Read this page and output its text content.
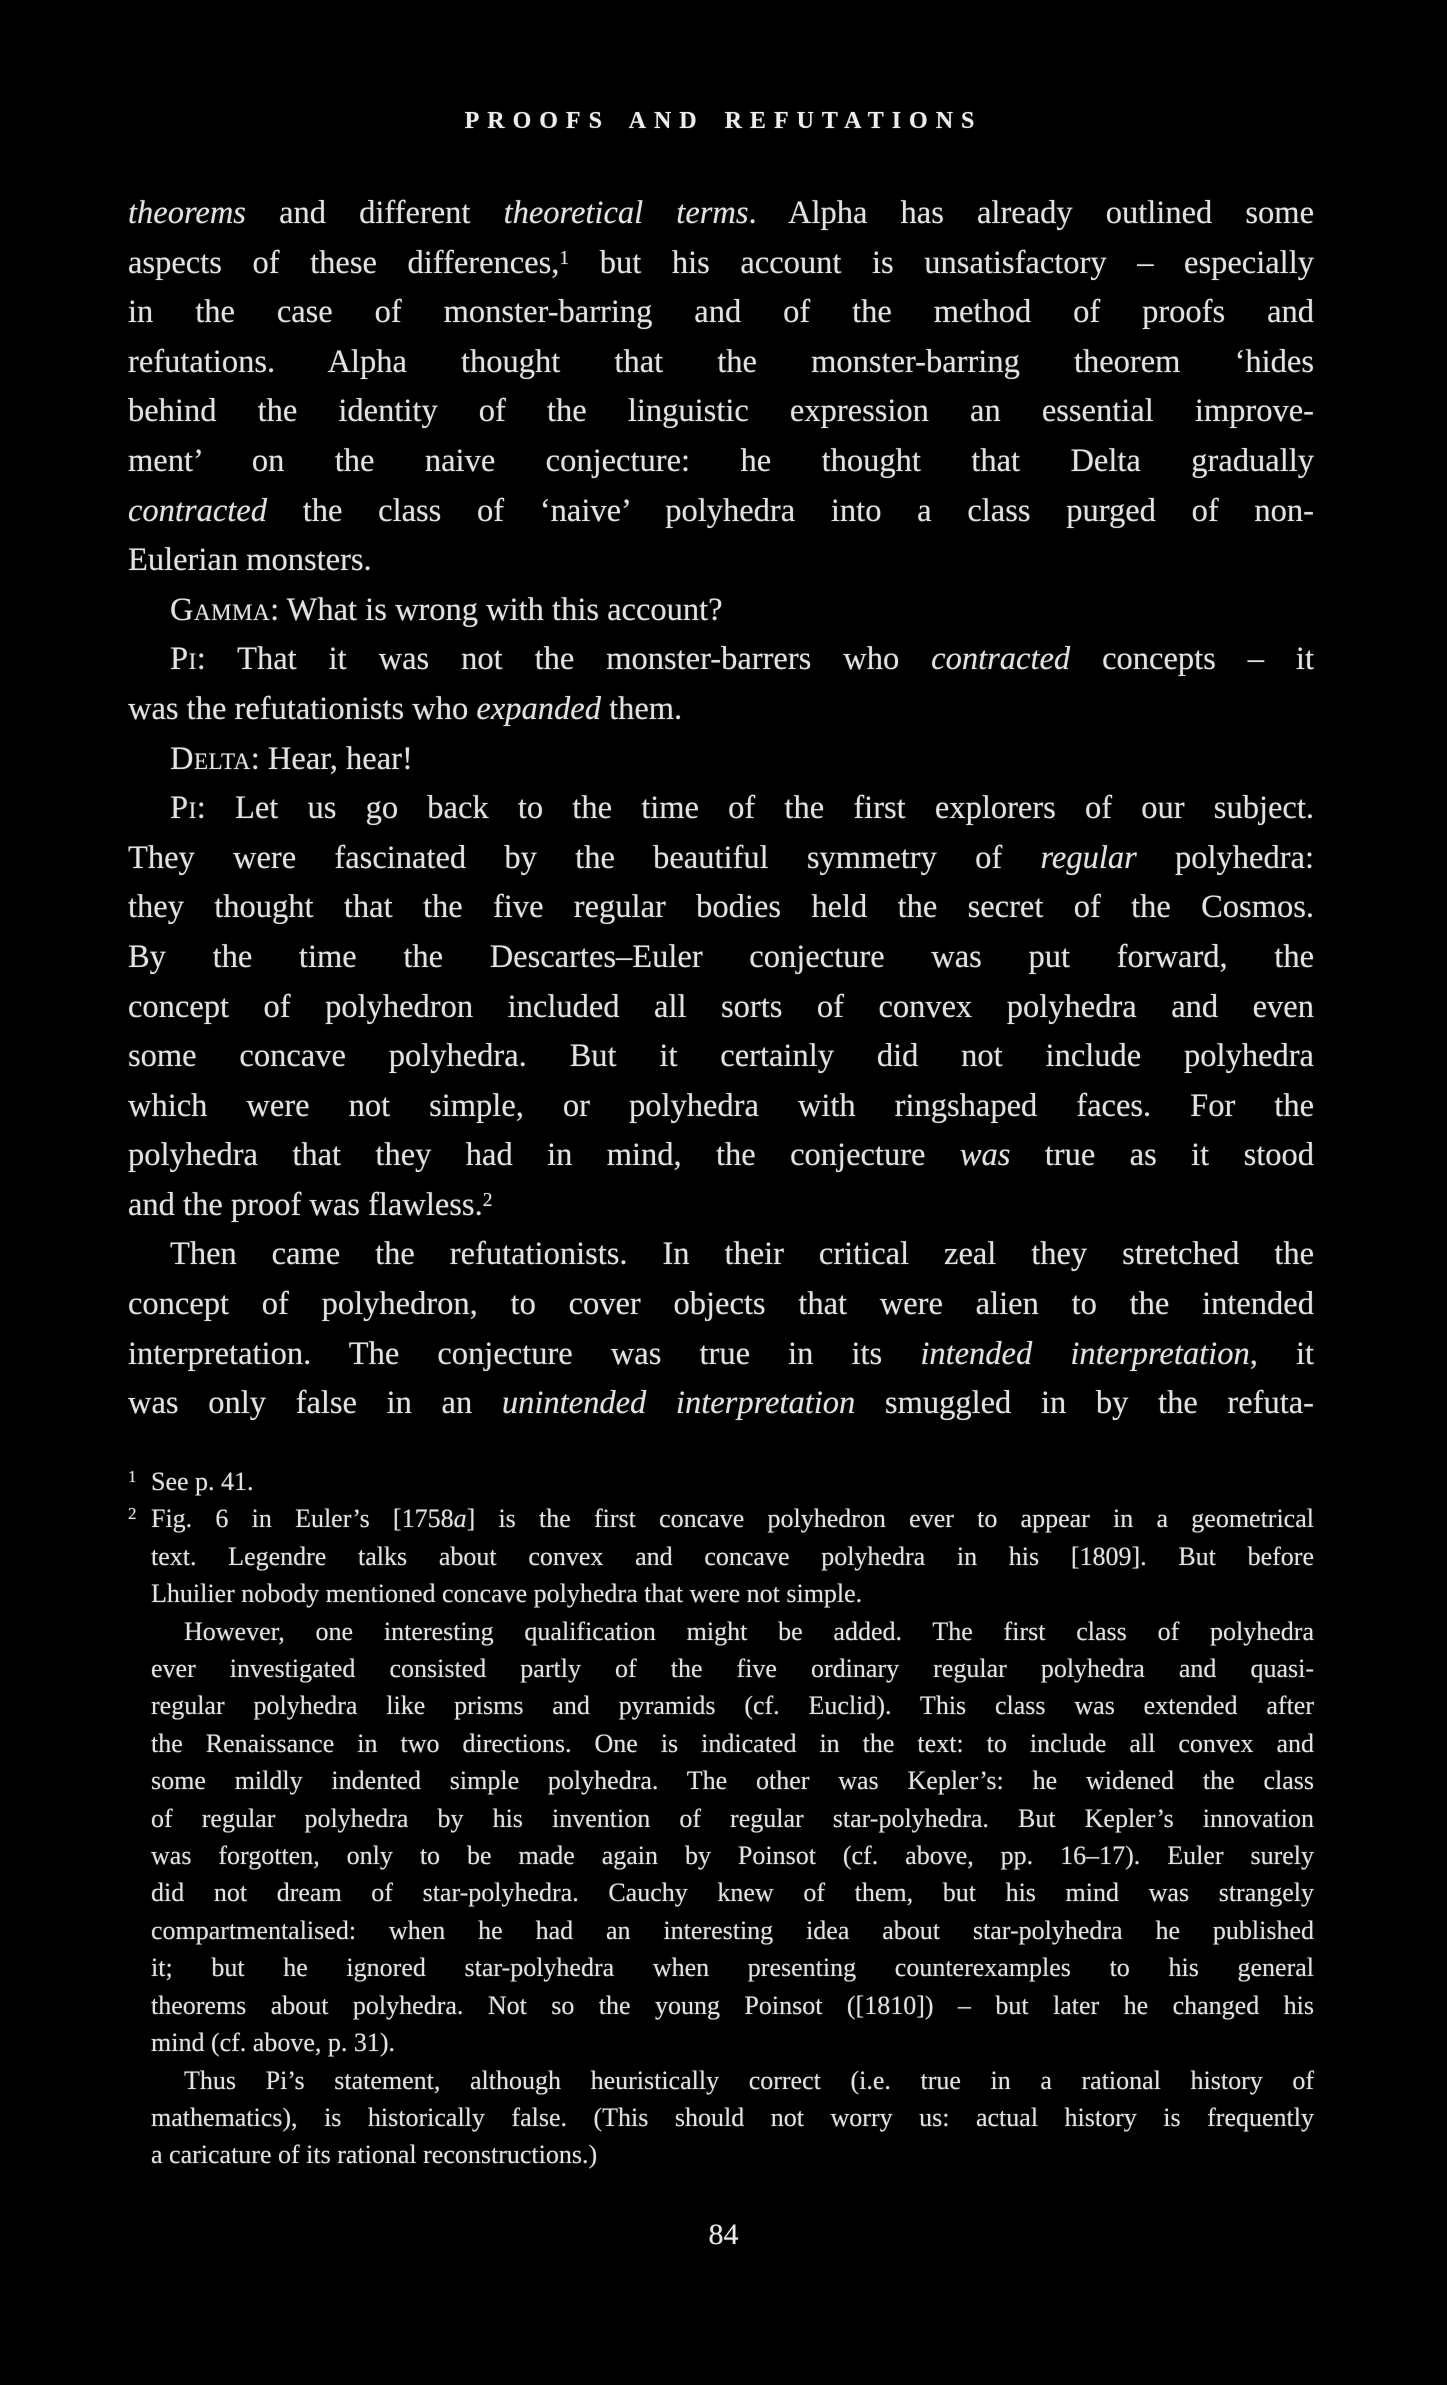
PROOFS AND REFUTATIONS
theorems and different theoretical terms. Alpha has already outlined some
aspects of these differences,$^1$ but his account is unsatisfactory – especially
in the case of monster-barring and of the method of proofs and
refutations. Alpha thought that the monster-barring theorem ‘hides
behind the identity of the linguistic expression an essential improve-
ment’ on the naive conjecture: he thought that Delta gradually
contracted the class of ‘naive’ polyhedra into a class purged of non-
Eulerian monsters.
Gamma: What is wrong with this account?
Pi: That it was not the monster-barrers who contracted concepts – it
was the refutationists who expanded them.
Delta: Hear, hear!
Pi: Let us go back to the time of the first explorers of our subject.
They were fascinated by the beautiful symmetry of regular polyhedra:
they thought that the five regular bodies held the secret of the Cosmos.
By the time the Descartes–Euler conjecture was put forward, the
concept of polyhedron included all sorts of convex polyhedra and even
some concave polyhedra. But it certainly did not include polyhedra
which were not simple, or polyhedra with ringshaped faces. For the
polyhedra that they had in mind, the conjecture was true as it stood
and the proof was flawless.$^2$
Then came the refutationists. In their critical zeal they stretched the
concept of polyhedron, to cover objects that were alien to the intended
interpretation. The conjecture was true in its intended interpretation, it
was only false in an unintended interpretation smuggled in by the refuta-
1 See p. 41.
2 Fig. 6 in Euler’s [1758a] is the first concave polyhedron ever to appear in a geometrical
text. Legendre talks about convex and concave polyhedra in his [1809]. But before
Lhuilier nobody mentioned concave polyhedra that were not simple.
However, one interesting qualification might be added. The first class of polyhedra
ever investigated consisted partly of the five ordinary regular polyhedra and quasi-
regular polyhedra like prisms and pyramids (cf. Euclid). This class was extended after
the Renaissance in two directions. One is indicated in the text: to include all convex and
some mildly indented simple polyhedra. The other was Kepler’s: he widened the class
of regular polyhedra by his invention of regular star-polyhedra. But Kepler’s innovation
was forgotten, only to be made again by Poinsot (cf. above, pp. 16–17). Euler surely
did not dream of star-polyhedra. Cauchy knew of them, but his mind was strangely
compartmentalised: when he had an interesting idea about star-polyhedra he published
it; but he ignored star-polyhedra when presenting counterexamples to his general
theorems about polyhedra. Not so the young Poinsot ([1810]) – but later he changed his
mind (cf. above, p. 31).
Thus Pi’s statement, although heuristically correct (i.e. true in a rational history of
mathematics), is historically false. (This should not worry us: actual history is frequently
a caricature of its rational reconstructions.)
84
